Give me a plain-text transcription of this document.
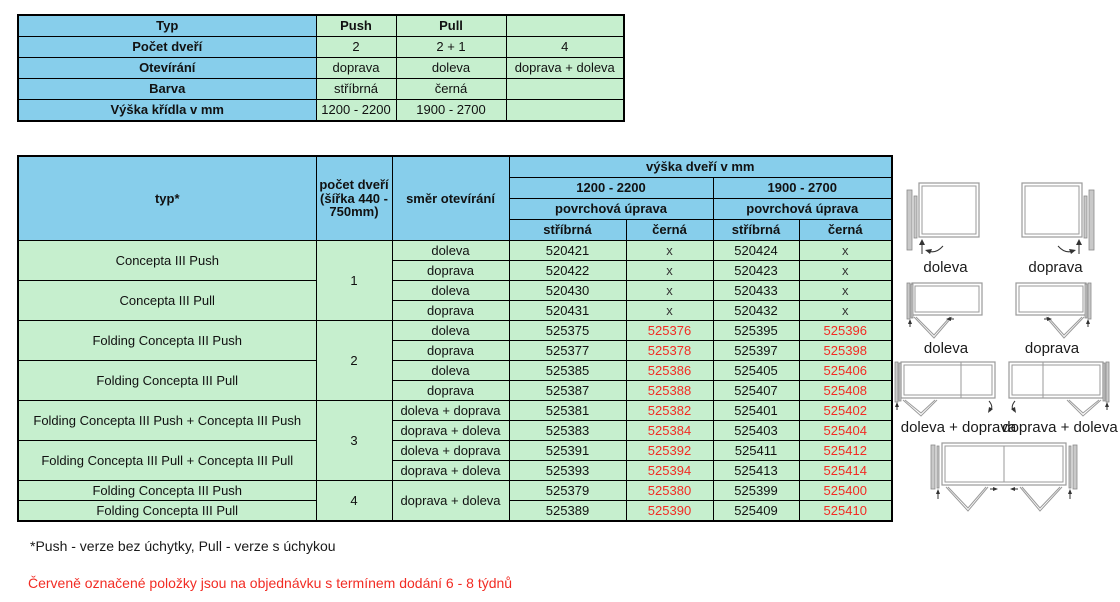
Typ	Push	Pull	
Počet dveří	2	2 + 1	4
Otevírání	doprava	doleva	doprava + doleva
Barva	stříbrná	černá	
Výška křídla v mm	1200 - 2200	1900 - 2700	
typ*	počet dveří (šířka 440 - 750mm)	směr otevírání	výška dveří v mm			
			1200 - 2200		1900 - 2700	
			povrchová úprava		povrchová úprava	
			stříbrná	černá	stříbrná	černá
Concepta III Push	1	doleva	520421	x	520424	x
		doprava	520422	x	520423	x
Concepta III Pull		doleva	520430	x	520433	x
		doprava	520431	x	520432	x
Folding Concepta III Push	2	doleva	525375	525376	525395	525396
		doprava	525377	525378	525397	525398
Folding Concepta III Pull		doleva	525385	525386	525405	525406
		doprava	525387	525388	525407	525408
Folding Concepta III Push + Concepta III Push	3	doleva + doprava	525381	525382	525401	525402
		doprava + doleva	525383	525384	525403	525404
Folding Concepta III Pull + Concepta III Pull		doleva + doprava	525391	525392	525411	525412
		doprava + doleva	525393	525394	525413	525414
Folding Concepta III Push	4	doprava + doleva	525379	525380	525399	525400
Folding Concepta III Pull			525389	525390	525409	525410
doleva	doprava
doleva	doprava
doleva + doprava
doprava + doleva
*Push - verze bez úchytky, Pull - verze s úchykou
Červeně označené položky jsou na objednávku s termínem dodání 6 - 8 týdnů
